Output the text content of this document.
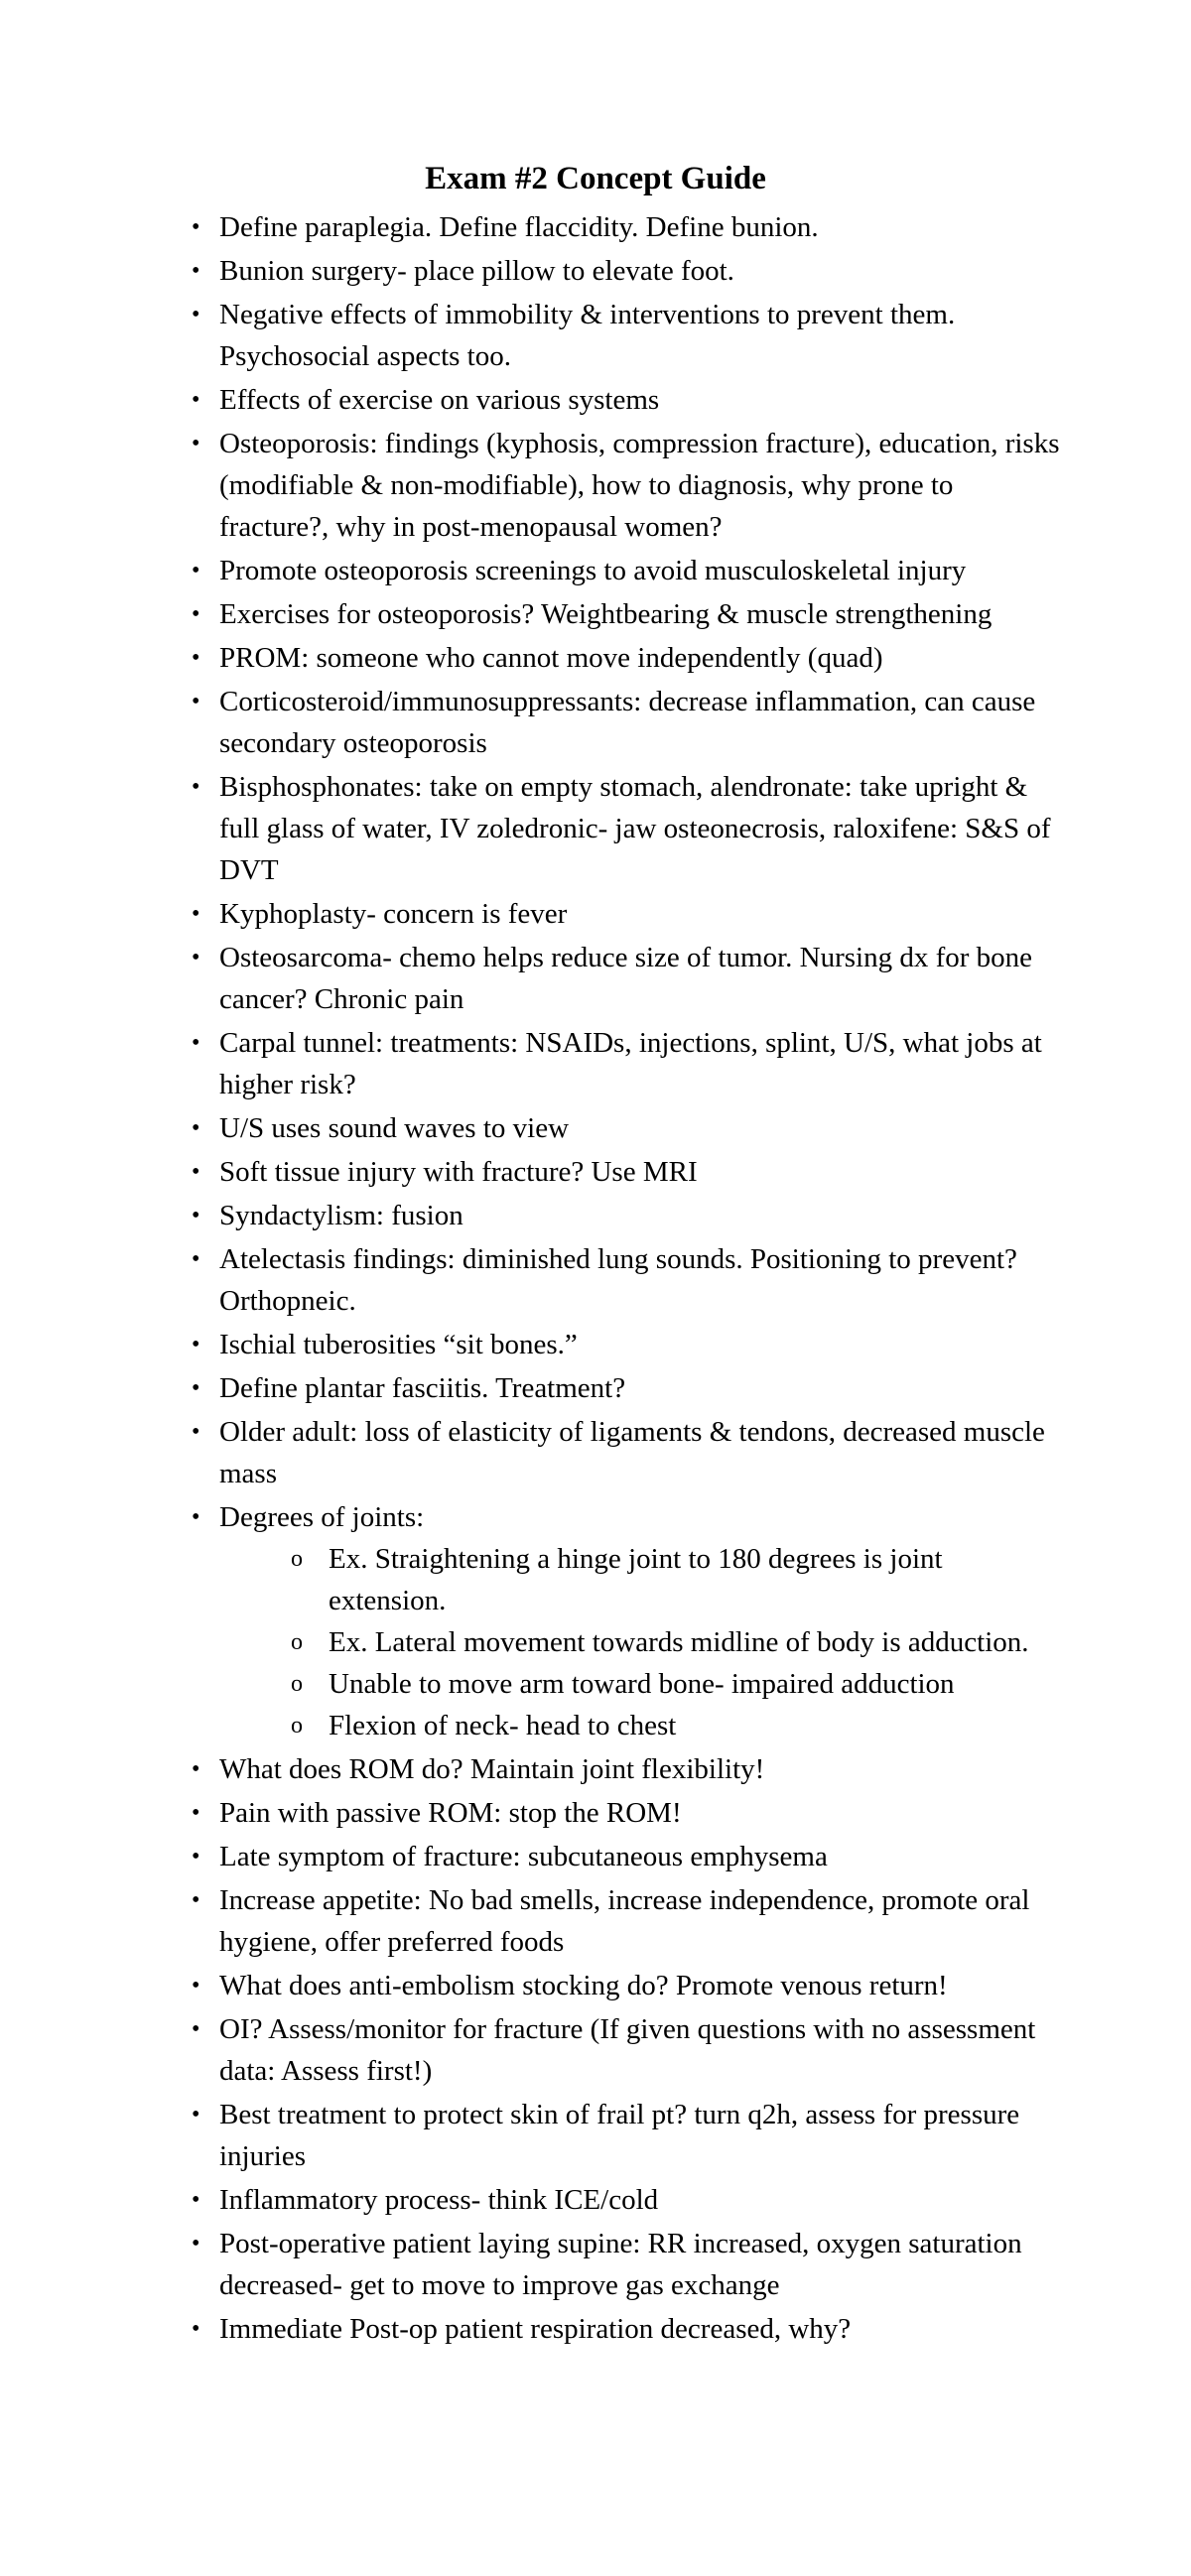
Exam #2 Concept Guide
• Define paraplegia. Define flaccidity. Define bunion.
• Bunion surgery- place pillow to elevate foot.
• Negative effects of immobility & interventions to prevent them. Psychosocial aspects too.
• Effects of exercise on various systems
• Osteoporosis: findings (kyphosis, compression fracture), education, risks (modifiable & non-modifiable), how to diagnosis, why prone to fracture?, why in post-menopausal women?
• Promote osteoporosis screenings to avoid musculoskeletal injury
• Exercises for osteoporosis? Weightbearing & muscle strengthening
• PROM: someone who cannot move independently (quad)
• Corticosteroid/immunosuppressants: decrease inflammation, can cause secondary osteoporosis
• Bisphosphonates: take on empty stomach, alendronate: take upright & full glass of water, IV zoledronic- jaw osteonecrosis, raloxifene: S&S of DVT
• Kyphoplasty- concern is fever
• Osteosarcoma- chemo helps reduce size of tumor. Nursing dx for bone cancer? Chronic pain
• Carpal tunnel: treatments: NSAIDs, injections, splint, U/S, what jobs at higher risk?
• U/S uses sound waves to view
• Soft tissue injury with fracture? Use MRI
• Syndactylism: fusion
• Atelectasis findings: diminished lung sounds. Positioning to prevent? Orthopneic.
• Ischial tuberosities “sit bones.”
• Define plantar fasciitis. Treatment?
• Older adult: loss of elasticity of ligaments & tendons, decreased muscle mass
• Degrees of joints:
o Ex. Straightening a hinge joint to 180 degrees is joint extension.
o Ex. Lateral movement towards midline of body is adduction.
o Unable to move arm toward bone- impaired adduction
o Flexion of neck- head to chest
• What does ROM do? Maintain joint flexibility!
• Pain with passive ROM: stop the ROM!
• Late symptom of fracture: subcutaneous emphysema
• Increase appetite: No bad smells, increase independence, promote oral hygiene, offer preferred foods
• What does anti-embolism stocking do? Promote venous return!
• OI? Assess/monitor for fracture (If given questions with no assessment data: Assess first!)
• Best treatment to protect skin of frail pt? turn q2h, assess for pressure injuries
• Inflammatory process- think ICE/cold
• Post-operative patient laying supine: RR increased, oxygen saturation decreased- get to move to improve gas exchange
• Immediate Post-op patient respiration decreased, why?
